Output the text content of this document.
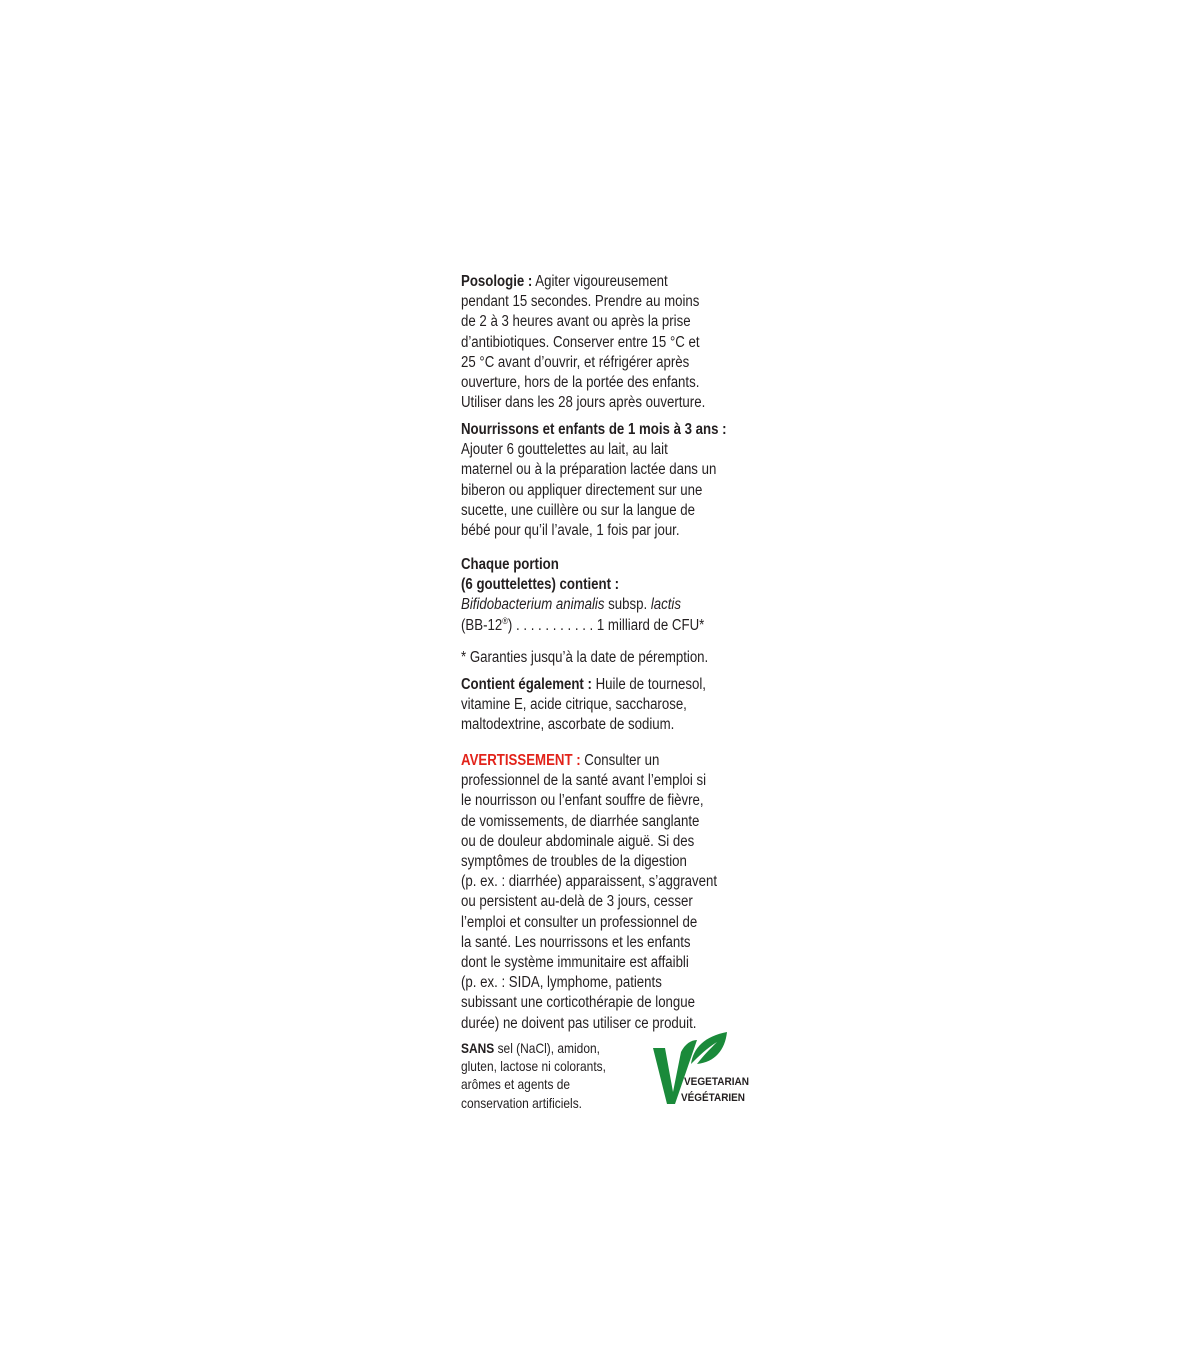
Posologie : Agiter vigoureusement
pendant 15 secondes. Prendre au moins
de 2 à 3 heures avant ou après la prise
d’antibiotiques. Conserver entre 15 °C et
25 °C avant d’ouvrir, et réfrigérer après
ouverture, hors de la portée des enfants.
Utiliser dans les 28 jours après ouverture.

Nourrissons et enfants de 1 mois à 3 ans :
Ajouter 6 gouttelettes au lait, au lait
maternel ou à la préparation lactée dans un
biberon ou appliquer directement sur une
sucette, une cuillère ou sur la langue de
bébé pour qu’il l’avale, 1 fois par jour.

Chaque portion
(6 gouttelettes) contient :
Bifidobacterium animalis subsp. lactis
(BB-12®) . . . . . . . . . . . 1 milliard de CFU*

* Garanties jusqu’à la date de péremption.

Contient également : Huile de tournesol,
vitamine E, acide citrique, saccharose,
maltodextrine, ascorbate de sodium.

AVERTISSEMENT : Consulter un
professionnel de la santé avant l’emploi si
le nourrisson ou l’enfant souffre de fièvre,
de vomissements, de diarrhée sanglante
ou de douleur abdominale aiguë. Si des
symptômes de troubles de la digestion
(p. ex. : diarrhée) apparaissent, s’aggravent
ou persistent au-delà de 3 jours, cesser
l’emploi et consulter un professionnel de
la santé. Les nourrissons et les enfants
dont le système immunitaire est affaibli
(p. ex. : SIDA, lymphome, patients
subissant une corticothérapie de longue
durée) ne doivent pas utiliser ce produit.

SANS sel (NaCl), amidon,
gluten, lactose ni colorants,
arômes et agents de
conservation artificiels.

VEGETARIAN
VÉGÉTARIEN
